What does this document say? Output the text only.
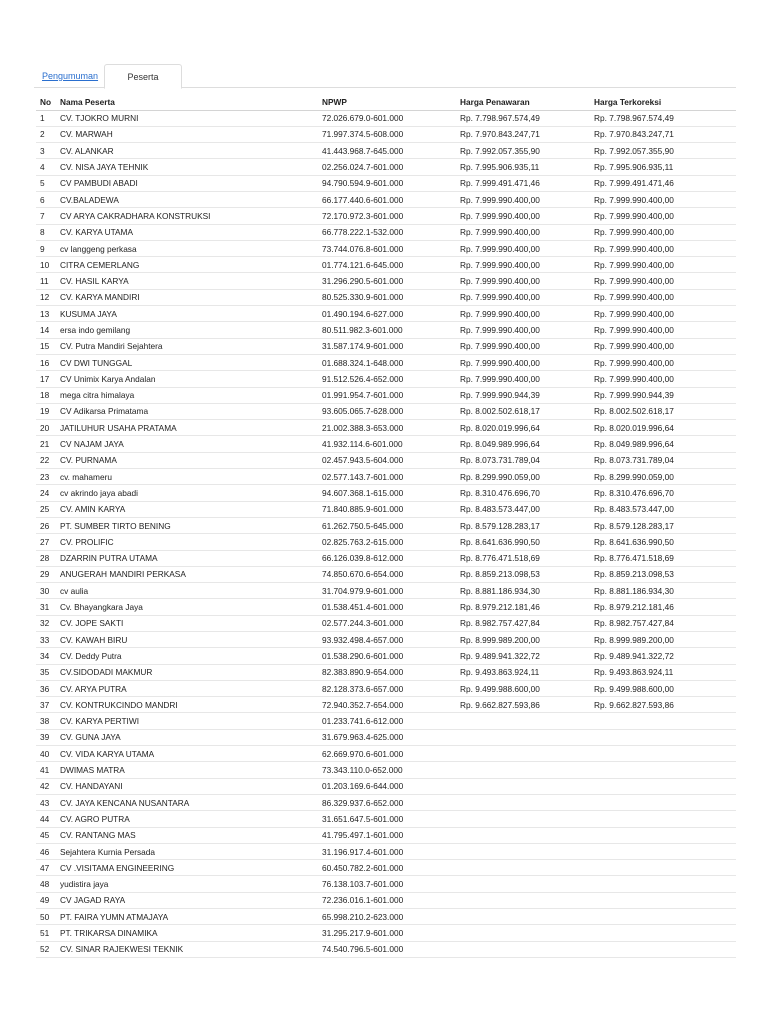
Pengumuman	Peserta
No	Nama Peserta	NPWP	Harga Penawaran	Harga Terkoreksi
1	CV. TJOKRO MURNI	72.026.679.0-601.000	Rp. 7.798.967.574,49	Rp. 7.798.967.574,49
2	CV. MARWAH	71.997.374.5-608.000	Rp. 7.970.843.247,71	Rp. 7.970.843.247,71
3	CV. ALANKAR	41.443.968.7-645.000	Rp. 7.992.057.355,90	Rp. 7.992.057.355,90
4	CV. NISA JAYA TEHNIK	02.256.024.7-601.000	Rp. 7.995.906.935,11	Rp. 7.995.906.935,11
5	CV PAMBUDI ABADI	94.790.594.9-601.000	Rp. 7.999.491.471,46	Rp. 7.999.491.471,46
6	CV.BALADEWA	66.177.440.6-601.000	Rp. 7.999.990.400,00	Rp. 7.999.990.400,00
7	CV ARYA CAKRADHARA KONSTRUKSI	72.170.972.3-601.000	Rp. 7.999.990.400,00	Rp. 7.999.990.400,00
8	CV. KARYA UTAMA	66.778.222.1-532.000	Rp. 7.999.990.400,00	Rp. 7.999.990.400,00
9	cv langgeng perkasa	73.744.076.8-601.000	Rp. 7.999.990.400,00	Rp. 7.999.990.400,00
10	CITRA CEMERLANG	01.774.121.6-645.000	Rp. 7.999.990.400,00	Rp. 7.999.990.400,00
11	CV. HASIL KARYA	31.296.290.5-601.000	Rp. 7.999.990.400,00	Rp. 7.999.990.400,00
12	CV. KARYA MANDIRI	80.525.330.9-601.000	Rp. 7.999.990.400,00	Rp. 7.999.990.400,00
13	KUSUMA JAYA	01.490.194.6-627.000	Rp. 7.999.990.400,00	Rp. 7.999.990.400,00
14	ersa indo gemilang	80.511.982.3-601.000	Rp. 7.999.990.400,00	Rp. 7.999.990.400,00
15	CV. Putra Mandiri Sejahtera	31.587.174.9-601.000	Rp. 7.999.990.400,00	Rp. 7.999.990.400,00
16	CV DWI TUNGGAL	01.688.324.1-648.000	Rp. 7.999.990.400,00	Rp. 7.999.990.400,00
17	CV Unimix Karya Andalan	91.512.526.4-652.000	Rp. 7.999.990.400,00	Rp. 7.999.990.400,00
18	mega citra himalaya	01.991.954.7-601.000	Rp. 7.999.990.944,39	Rp. 7.999.990.944,39
19	CV Adikarsa Primatama	93.605.065.7-628.000	Rp. 8.002.502.618,17	Rp. 8.002.502.618,17
20	JATILUHUR USAHA PRATAMA	21.002.388.3-653.000	Rp. 8.020.019.996,64	Rp. 8.020.019.996,64
21	CV NAJAM JAYA	41.932.114.6-601.000	Rp. 8.049.989.996,64	Rp. 8.049.989.996,64
22	CV. PURNAMA	02.457.943.5-604.000	Rp. 8.073.731.789,04	Rp. 8.073.731.789,04
23	cv. mahameru	02.577.143.7-601.000	Rp. 8.299.990.059,00	Rp. 8.299.990.059,00
24	cv akrindo jaya abadi	94.607.368.1-615.000	Rp. 8.310.476.696,70	Rp. 8.310.476.696,70
25	CV. AMIN KARYA	71.840.885.9-601.000	Rp. 8.483.573.447,00	Rp. 8.483.573.447,00
26	PT. SUMBER TIRTO BENING	61.262.750.5-645.000	Rp. 8.579.128.283,17	Rp. 8.579.128.283,17
27	CV. PROLIFIC	02.825.763.2-615.000	Rp. 8.641.636.990,50	Rp. 8.641.636.990,50
28	DZARRIN PUTRA UTAMA	66.126.039.8-612.000	Rp. 8.776.471.518,69	Rp. 8.776.471.518,69
29	ANUGERAH MANDIRI PERKASA	74.850.670.6-654.000	Rp. 8.859.213.098,53	Rp. 8.859.213.098,53
30	cv aulia	31.704.979.9-601.000	Rp. 8.881.186.934,30	Rp. 8.881.186.934,30
31	Cv. Bhayangkara Jaya	01.538.451.4-601.000	Rp. 8.979.212.181,46	Rp. 8.979.212.181,46
32	CV. JOPE SAKTI	02.577.244.3-601.000	Rp. 8.982.757.427,84	Rp. 8.982.757.427,84
33	CV. KAWAH BIRU	93.932.498.4-657.000	Rp. 8.999.989.200,00	Rp. 8.999.989.200,00
34	CV. Deddy Putra	01.538.290.6-601.000	Rp. 9.489.941.322,72	Rp. 9.489.941.322,72
35	CV.SIDODADI MAKMUR	82.383.890.9-654.000	Rp. 9.493.863.924,11	Rp. 9.493.863.924,11
36	CV. ARYA PUTRA	82.128.373.6-657.000	Rp. 9.499.988.600,00	Rp. 9.499.988.600,00
37	CV. KONTRUKCINDO MANDRI	72.940.352.7-654.000	Rp. 9.662.827.593,86	Rp. 9.662.827.593,86
38	CV. KARYA PERTIWI	01.233.741.6-612.000		
39	CV. GUNA JAYA	31.679.963.4-625.000		
40	CV. VIDA KARYA UTAMA	62.669.970.6-601.000		
41	DWIMAS MATRA	73.343.110.0-652.000		
42	CV. HANDAYANI	01.203.169.6-644.000		
43	CV. JAYA KENCANA NUSANTARA	86.329.937.6-652.000		
44	CV. AGRO PUTRA	31.651.647.5-601.000		
45	CV. RANTANG MAS	41.795.497.1-601.000		
46	Sejahtera Kurnia Persada	31.196.917.4-601.000		
47	CV .VISITAMA ENGINEERING	60.450.782.2-601.000		
48	yudistira jaya	76.138.103.7-601.000		
49	CV JAGAD RAYA	72.236.016.1-601.000		
50	PT. FAIRA YUMN ATMAJAYA	65.998.210.2-623.000		
51	PT. TRIKARSA DINAMIKA	31.295.217.9-601.000		
52	CV. SINAR RAJEKWESI TEKNIK	74.540.796.5-601.000		
